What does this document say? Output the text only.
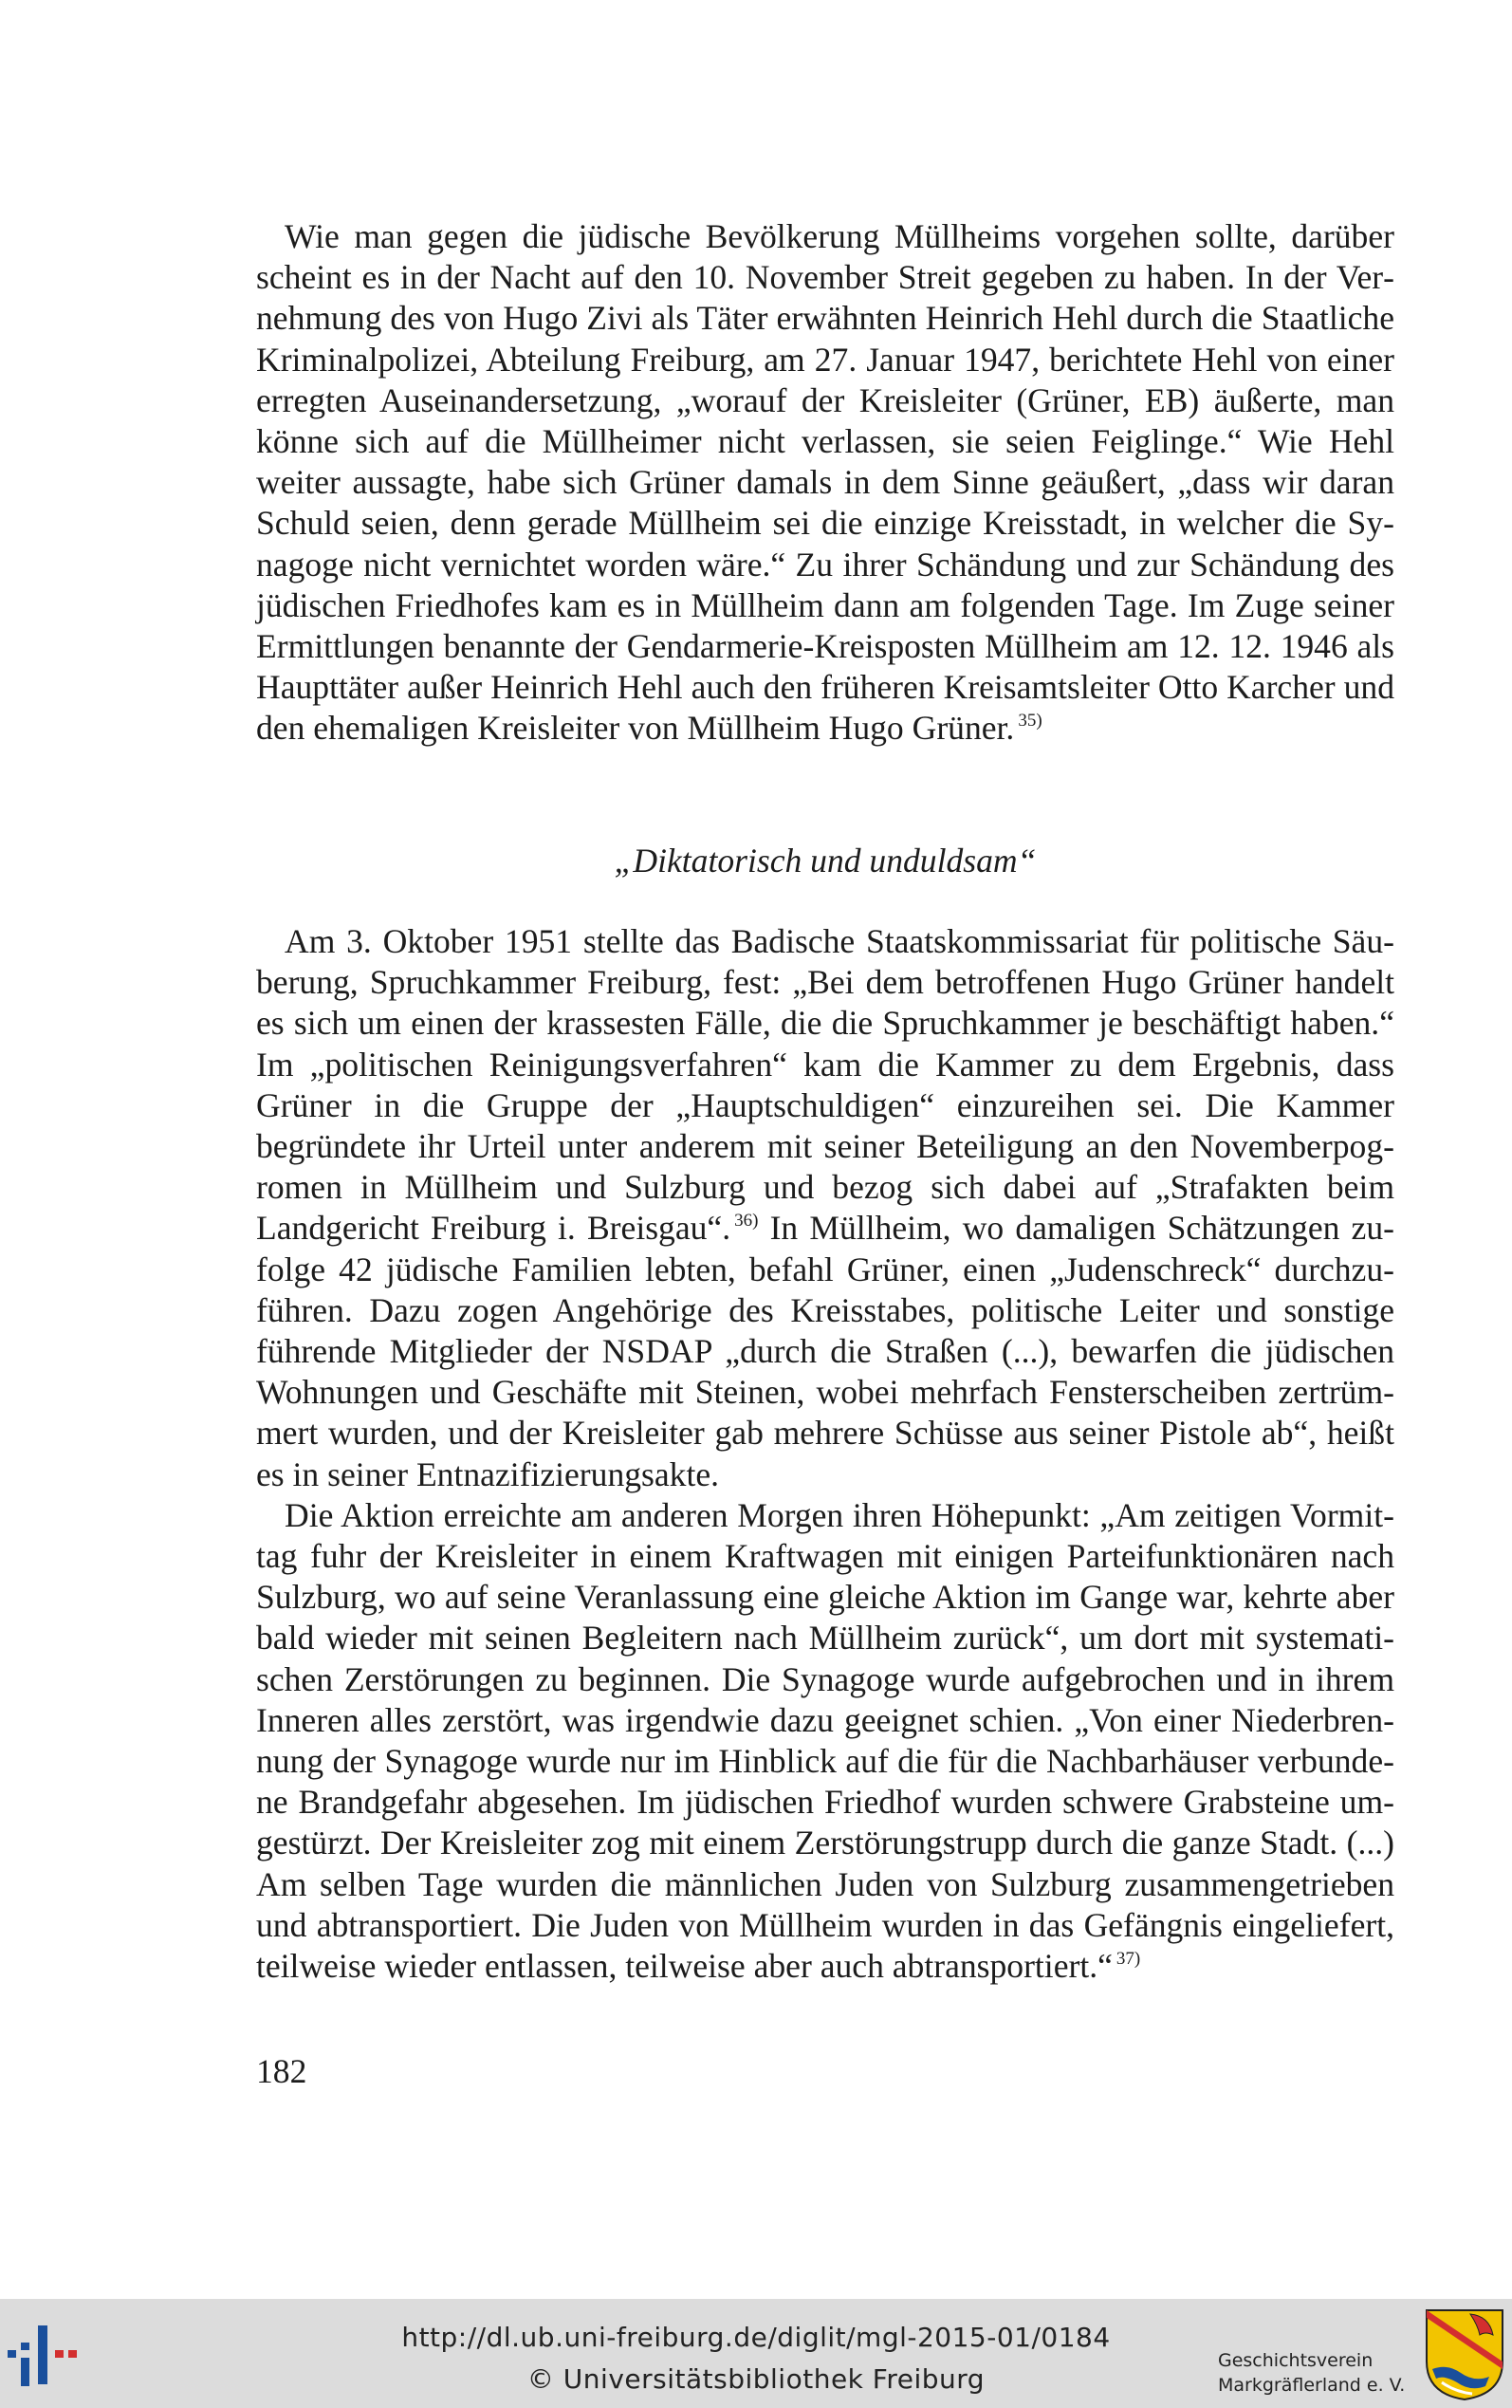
Wie man gegen die jüdische Bevölkerung Müllheims vorgehen sollte, darüber scheint es in der Nacht auf den 10. November Streit gegeben zu haben. In der Vernehmung des von Hugo Zivi als Täter erwähnten Heinrich Hehl durch die Staatliche Kriminalpolizei, Abteilung Freiburg, am 27. Januar 1947, berichtete Hehl von einer erregten Auseinandersetzung, „worauf der Kreisleiter (Grüner, EB) äußerte, man könne sich auf die Müllheimer nicht verlassen, sie seien Feiglinge.“ Wie Hehl weiter aussagte, habe sich Grüner damals in dem Sinne geäußert, „dass wir daran Schuld seien, denn gerade Müllheim sei die einzige Kreisstadt, in welcher die Synagoge nicht vernichtet worden wäre.“ Zu ihrer Schändung und zur Schändung des jüdischen Friedhofes kam es in Müllheim dann am folgenden Tage. Im Zuge seiner Ermittlungen benannte der Gendarmerie-Kreisposten Müllheim am 12. 12. 1946 als Haupttäter außer Heinrich Hehl auch den früheren Kreisamtsleiter Otto Karcher und den ehemaligen Kreisleiter von Müllheim Hugo Grüner. $^{35)}$

„Diktatorisch und unduldsam“

Am 3. Oktober 1951 stellte das Badische Staatskommissariat für politische Säuberung, Spruchkammer Freiburg, fest: „Bei dem betroffenen Hugo Grüner handelt es sich um einen der krassesten Fälle, die die Spruchkammer je beschäftigt haben.“ Im „politischen Reinigungsverfahren“ kam die Kammer zu dem Ergebnis, dass Grüner in die Gruppe der „Hauptschuldigen“ einzureihen sei. Die Kammer begründete ihr Urteil unter anderem mit seiner Beteiligung an den Novemberpogromen in Müllheim und Sulzburg und bezog sich dabei auf „Strafakten beim Landgericht Freiburg i. Breisgau“. $^{36)}$ In Müllheim, wo damaligen Schätzungen zufolge 42 jüdische Familien lebten, befahl Grüner, einen „Judenschreck“ durchzuführen. Dazu zogen Angehörige des Kreisstabes, politische Leiter und sonstige führende Mitglieder der NSDAP „durch die Straßen (...), bewarfen die jüdischen Wohnungen und Geschäfte mit Steinen, wobei mehrfach Fensterscheiben zertrümmert wurden, und der Kreisleiter gab mehrere Schüsse aus seiner Pistole ab“, heißt es in seiner Entnazifizierungsakte.

Die Aktion erreichte am anderen Morgen ihren Höhepunkt: „Am zeitigen Vormittag fuhr der Kreisleiter in einem Kraftwagen mit einigen Parteifunktionären nach Sulzburg, wo auf seine Veranlassung eine gleiche Aktion im Gange war, kehrte aber bald wieder mit seinen Begleitern nach Müllheim zurück“, um dort mit systematischen Zerstörungen zu beginnen. Die Synagoge wurde aufgebrochen und in ihrem Inneren alles zerstört, was irgendwie dazu geeignet schien. „Von einer Niederbrennung der Synagoge wurde nur im Hinblick auf die für die Nachbarhäuser verbundene Brandgefahr abgesehen. Im jüdischen Friedhof wurden schwere Grabsteine umgestürzt. Der Kreisleiter zog mit einem Zerstörungstrupp durch die ganze Stadt. (...) Am selben Tage wurden die männlichen Juden von Sulzburg zusammengetrieben und abtransportiert. Die Juden von Müllheim wurden in das Gefängnis eingeliefert, teilweise wieder entlassen, teilweise aber auch abtransportiert.“ $^{37)}$

182
http://dl.ub.uni-freiburg.de/diglit/mgl-2015-01/0184
© Universitätsbibliothek Freiburg
Geschichtsverein
Markgräflerland e. V.
